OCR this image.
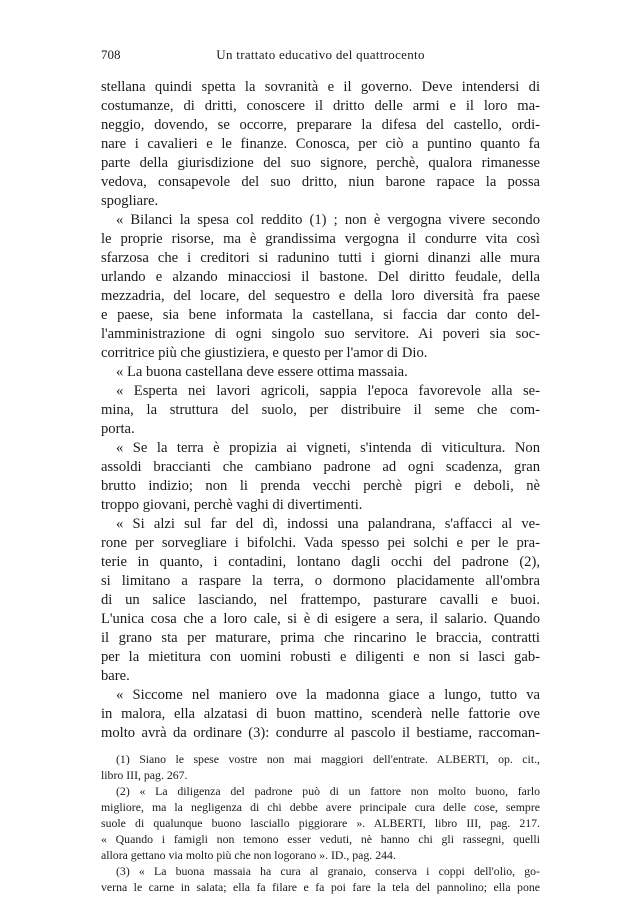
708	Un trattato educativo del quattrocento
stellana quindi spetta la sovranità e il governo. Deve intendersi di
costumanze, di dritti, conoscere il dritto delle armi e il loro ma-
neggio, dovendo, se occorre, preparare la difesa del castello, ordi-
nare i cavalieri e le finanze. Conosca, per ciò a puntino quanto fa
parte della giurisdizione del suo signore, perchè, qualora rimanesse
vedova, consapevole del suo dritto, niun barone rapace la possa
spogliare.
« Bilanci la spesa col reddito (1) ; non è vergogna vivere secondo
le proprie risorse, ma è grandissima vergogna il condurre vita così
sfarzosa che i creditori si radunino tutti i giorni dinanzi alle mura
urlando e alzando minacciosi il bastone. Del diritto feudale, della
mezzadria, del locare, del sequestro e della loro diversità fra paese
e paese, sia bene informata la castellana, si faccia dar conto del-
l'amministrazione di ogni singolo suo servitore. Ai poveri sia soc-
corritrice più che giustiziera, e questo per l'amor di Dio.
« La buona castellana deve essere ottima massaia.
« Esperta nei lavori agricoli, sappia l'epoca favorevole alla se-
mina, la struttura del suolo, per distribuire il seme che com-
porta.
« Se la terra è propizia ai vigneti, s'intenda di viticultura. Non
assoldi braccianti che cambiano padrone ad ogni scadenza, gran
brutto indizio; non li prenda vecchi perchè pigri e deboli, nè
troppo giovani, perchè vaghi di divertimenti.
« Si alzi sul far del dì, indossi una palandrana, s'affacci al ve-
rone per sorvegliare i bifolchi. Vada spesso pei solchi e per le pra-
terie in quanto, i contadini, lontano dagli occhi del padrone (2),
si limitano a raspare la terra, o dormono placidamente all'ombra
di un salice lasciando, nel frattempo, pasturare cavalli e buoi.
L'unica cosa che a loro cale, si è di esigere a sera, il salario. Quando
il grano sta per maturare, prima che rincarino le braccia, contratti
per la mietitura con uomini robusti e diligenti e non si lasci gab-
bare.
« Siccome nel maniero ove la madonna giace a lungo, tutto va
in malora, ella alzatasi di buon mattino, scenderà nelle fattorie ove
molto avrà da ordinare (3): condurre al pascolo il bestiame, raccoman-
(1) Siano le spese vostre non mai maggiori dell'entrate. ALBERTI, op. cit.,
libro III, pag. 267.
(2) « La diligenza del padrone può di un fattore non molto buono, farlo
migliore, ma la negligenza di chi debbe avere principale cura delle cose, sempre
suole di qualunque buono lasciallo piggiorare ». ALBERTI, libro III, pag. 217.
« Quando i famigli non temono esser veduti, nè hanno chi gli rassegni, quelli
allora gettano via molto più che non logorano ». ID., pag. 244.
(3) « La buona massaia ha cura al granaio, conserva i coppi dell'olio, go-
verna le carne in salata; ella fa filare e fa poi fare la tela del pannolino; ella pone
